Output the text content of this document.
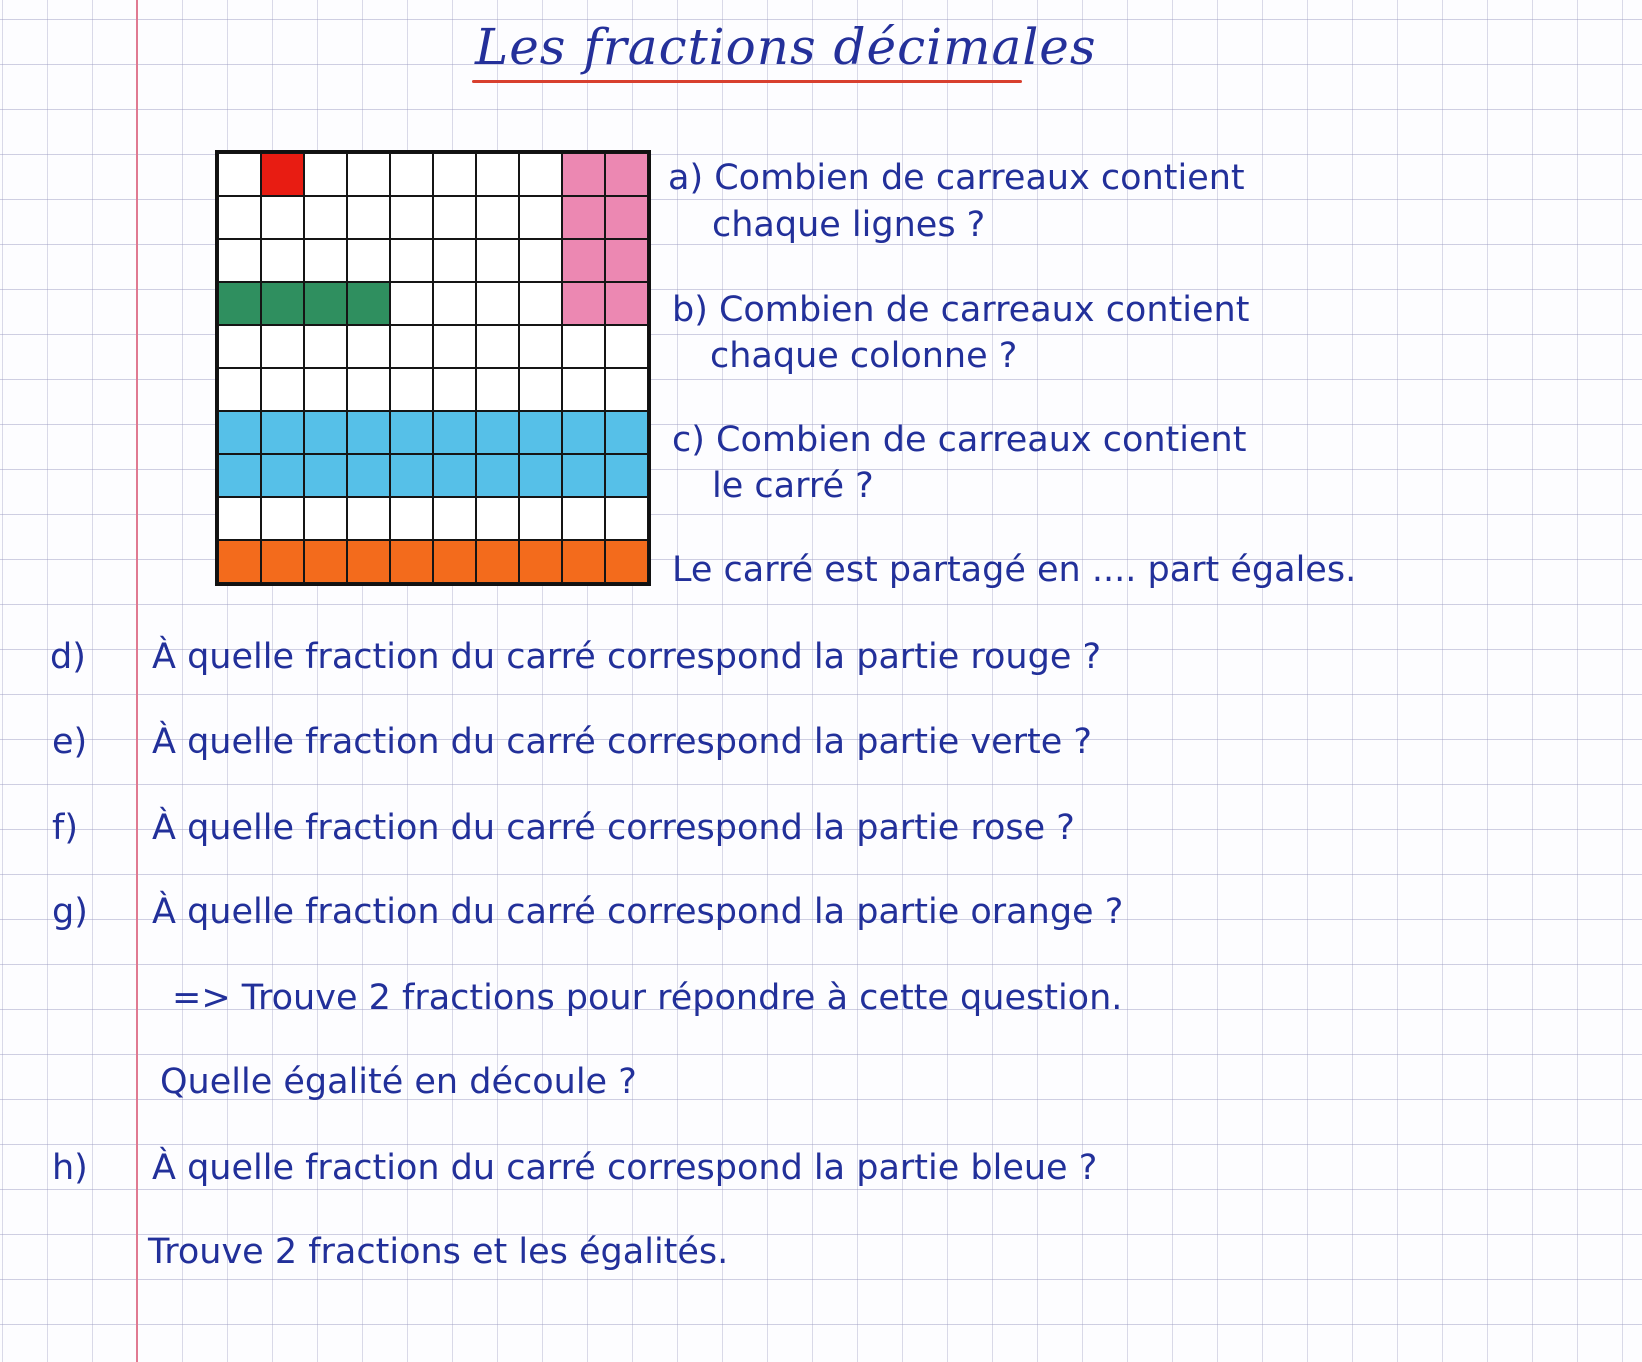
Les fractions décimales
a) Combien de carreaux contient
chaque lignes ?
b) Combien de carreaux contient
chaque colonne ?
c) Combien de carreaux contient
le carré ?
Le carré est partagé en .... part égales.
d) À quelle fraction du carré correspond la partie rouge ?
e) À quelle fraction du carré correspond la partie verte ?
f) À quelle fraction du carré correspond la partie rose ?
g) À quelle fraction du carré correspond la partie orange ?
=> Trouve 2 fractions pour répondre à cette question.
Quelle égalité en découle ?
h) À quelle fraction du carré correspond la partie bleue ?
Trouve 2 fractions et les égalités.
